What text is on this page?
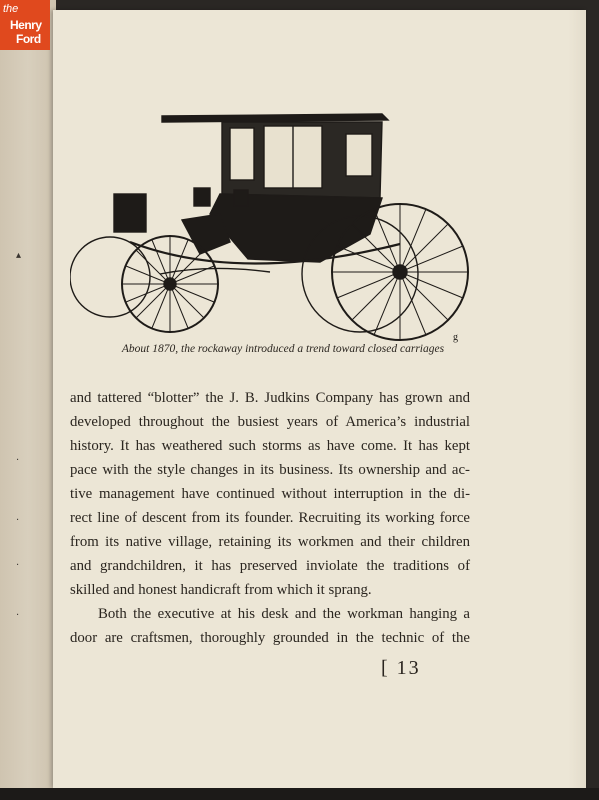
▴
·
·
·
·
the
Henry
Ford
g
About 1870, the rockaway introduced a trend toward closed carriages
and tattered “blotter” the J. B. Judkins Company has grown and
developed throughout the busiest years of America’s industrial
history. It has weathered such storms as have come. It has kept
pace with the style changes in its business. Its ownership and ac-
tive management have continued without interruption in the di-
rect line of descent from its founder. Recruiting its working force
from its native village, retaining its workmen and their children
and grandchildren, it has preserved inviolate the traditions of
skilled and honest handicraft from which it sprang.
Both the executive at his desk and the workman hanging a
door are craftsmen, thoroughly grounded in the technic of the
[ 13
